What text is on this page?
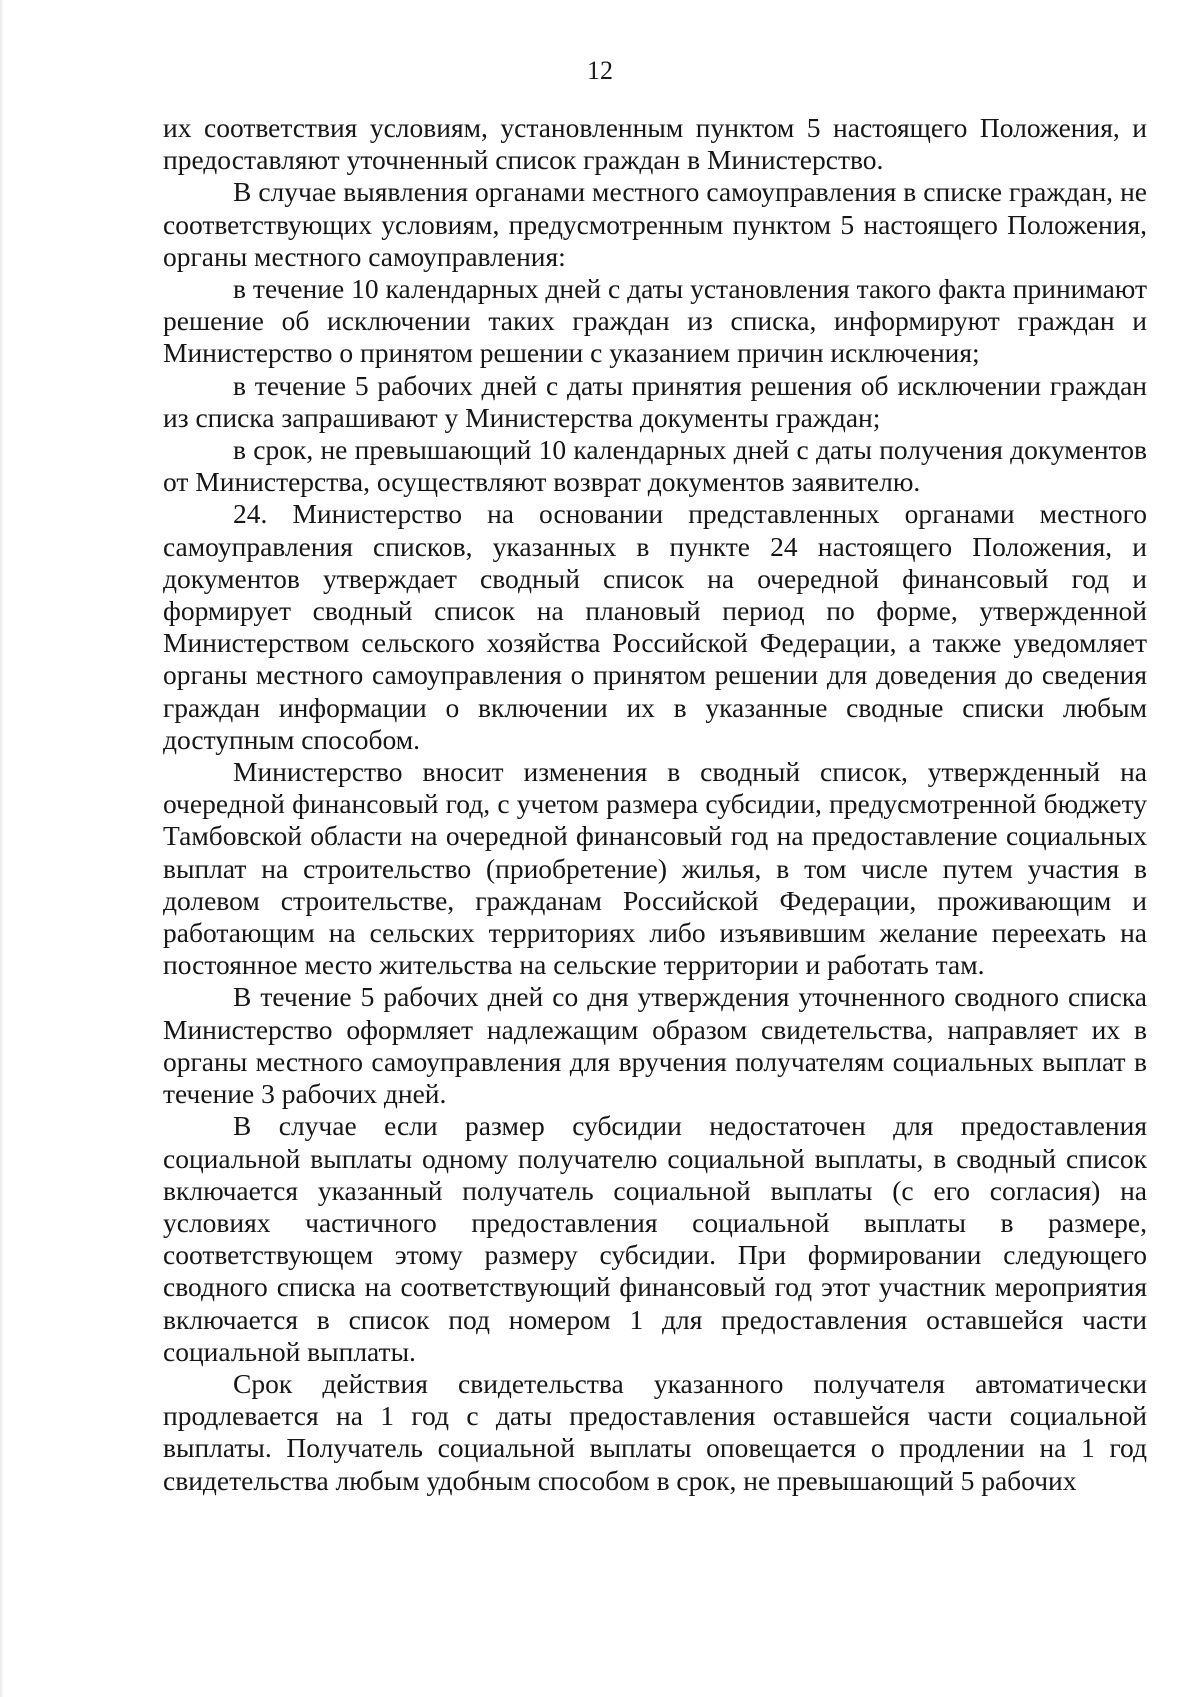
12

их соответствия условиям, установленным пунктом 5 настоящего Положения, и предоставляют уточненный список граждан в Министерство.

В случае выявления органами местного самоуправления в списке граждан, не соответствующих условиям, предусмотренным пунктом 5 настоящего Положения, органы местного самоуправления:

в течение 10 календарных дней с даты установления такого факта принимают решение об исключении таких граждан из списка, информируют граждан и Министерство о принятом решении с указанием причин исключения;

в течение 5 рабочих дней с даты принятия решения об исключении граждан из списка запрашивают у Министерства документы граждан;

в срок, не превышающий 10 календарных дней с даты получения документов от Министерства, осуществляют возврат документов заявителю.

24. Министерство на основании представленных органами местного самоуправления списков, указанных в пункте 24 настоящего Положения, и документов утверждает сводный список на очередной финансовый год и формирует сводный список на плановый период по форме, утвержденной Министерством сельского хозяйства Российской Федерации, а также уведомляет органы местного самоуправления о принятом решении для доведения до сведения граждан информации о включении их в указанные сводные списки любым доступным способом.

Министерство вносит изменения в сводный список, утвержденный на очередной финансовый год, с учетом размера субсидии, предусмотренной бюджету Тамбовской области на очередной финансовый год на предоставление социальных выплат на строительство (приобретение) жилья, в том числе путем участия в долевом строительстве, гражданам Российской Федерации, проживающим и работающим на сельских территориях либо изъявившим желание переехать на постоянное место жительства на сельские территории и работать там.

В течение 5 рабочих дней со дня утверждения уточненного сводного списка Министерство оформляет надлежащим образом свидетельства, направляет их в органы местного самоуправления для вручения получателям социальных выплат в течение 3 рабочих дней.

В случае если размер субсидии недостаточен для предоставления социальной выплаты одному получателю социальной выплаты, в сводный список включается указанный получатель социальной выплаты (с его согласия) на условиях частичного предоставления социальной выплаты в размере, соответствующем этому размеру субсидии. При формировании следующего сводного списка на соответствующий финансовый год этот участник мероприятия включается в список под номером 1 для предоставления оставшейся части социальной выплаты.

Срок действия свидетельства указанного получателя автоматически продлевается на 1 год с даты предоставления оставшейся части социальной выплаты. Получатель социальной выплаты оповещается о продлении на 1 год свидетельства любым удобным способом в срок, не превышающий 5 рабочих
